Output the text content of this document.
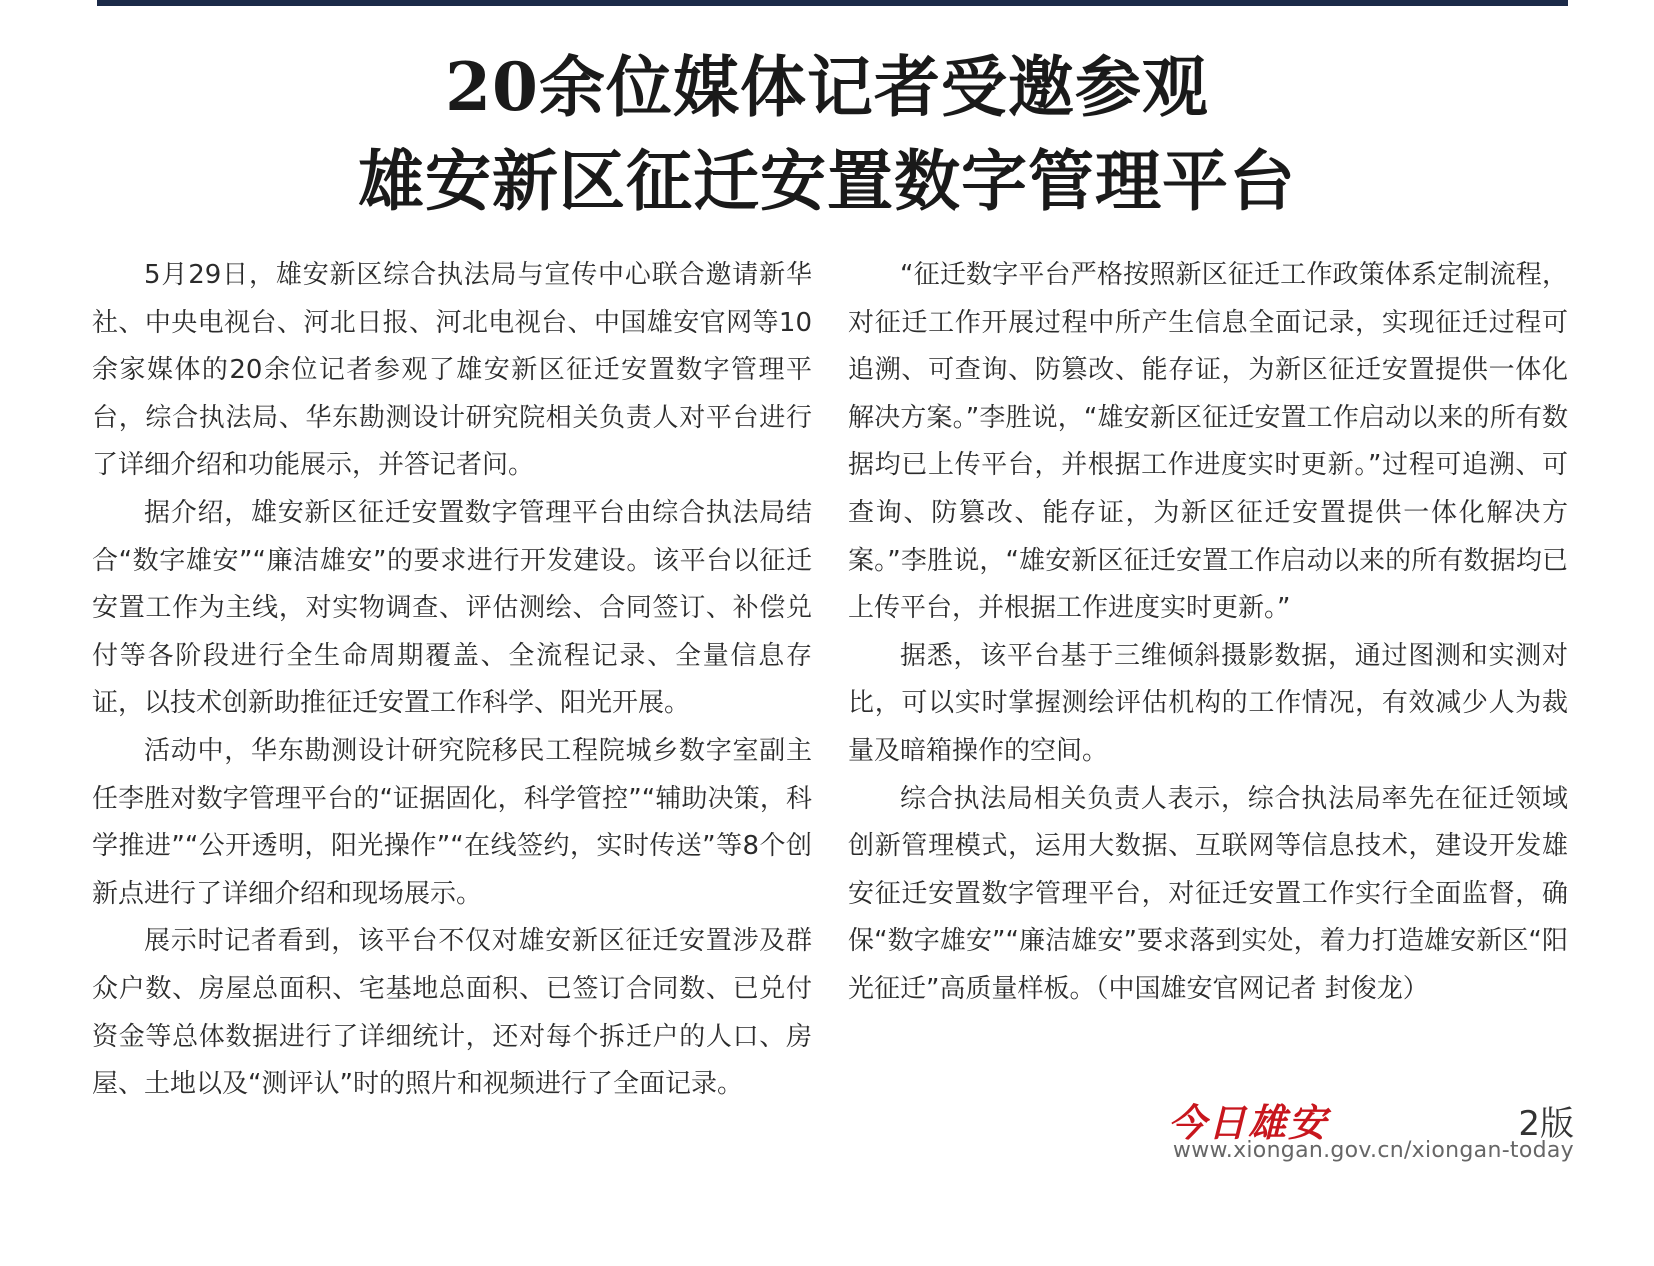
20余位媒体记者受邀参观
雄安新区征迁安置数字管理平台

5月29日，雄安新区综合执法局与宣传中心联合邀请新华社、中央电视台、河北日报、河北电视台、中国雄安官网等10余家媒体的20余位记者参观了雄安新区征迁安置数字管理平台，综合执法局、华东勘测设计研究院相关负责人对平台进行了详细介绍和功能展示，并答记者问。

据介绍，雄安新区征迁安置数字管理平台由综合执法局结合“数字雄安”“廉洁雄安”的要求进行开发建设。该平台以征迁安置工作为主线，对实物调查、评估测绘、合同签订、补偿兑付等各阶段进行全生命周期覆盖、全流程记录、全量信息存证，以技术创新助推征迁安置工作科学、阳光开展。

活动中，华东勘测设计研究院移民工程院城乡数字室副主任李胜对数字管理平台的“证据固化，科学管控”“辅助决策，科学推进”“公开透明，阳光操作”“在线签约，实时传送”等8个创新点进行了详细介绍和现场展示。

展示时记者看到，该平台不仅对雄安新区征迁安置涉及群众户数、房屋总面积、宅基地总面积、已签订合同数、已兑付资金等总体数据进行了详细统计，还对每个拆迁户的人口、房屋、土地以及“测评认”时的照片和视频进行了全面记录。

“征迁数字平台严格按照新区征迁工作政策体系定制流程，对征迁工作开展过程中所产生信息全面记录，实现征迁过程可追溯、可查询、防篡改、能存证，为新区征迁安置提供一体化解决方案。”李胜说，“雄安新区征迁安置工作启动以来的所有数据均已上传平台，并根据工作进度实时更新。”过程可追溯、可查询、防篡改、能存证，为新区征迁安置提供一体化解决方案。”李胜说，“雄安新区征迁安置工作启动以来的所有数据均已上传平台，并根据工作进度实时更新。”

据悉，该平台基于三维倾斜摄影数据，通过图测和实测对比，可以实时掌握测绘评估机构的工作情况，有效减少人为裁量及暗箱操作的空间。

综合执法局相关负责人表示，综合执法局率先在征迁领域创新管理模式，运用大数据、互联网等信息技术，建设开发雄安征迁安置数字管理平台，对征迁安置工作实行全面监督，确保“数字雄安”“廉洁雄安”要求落到实处，着力打造雄安新区“阳光征迁”高质量样板。（中国雄安官网记者 封俊龙）

今日雄安	2版
www.xiongan.gov.cn/xiongan-today
